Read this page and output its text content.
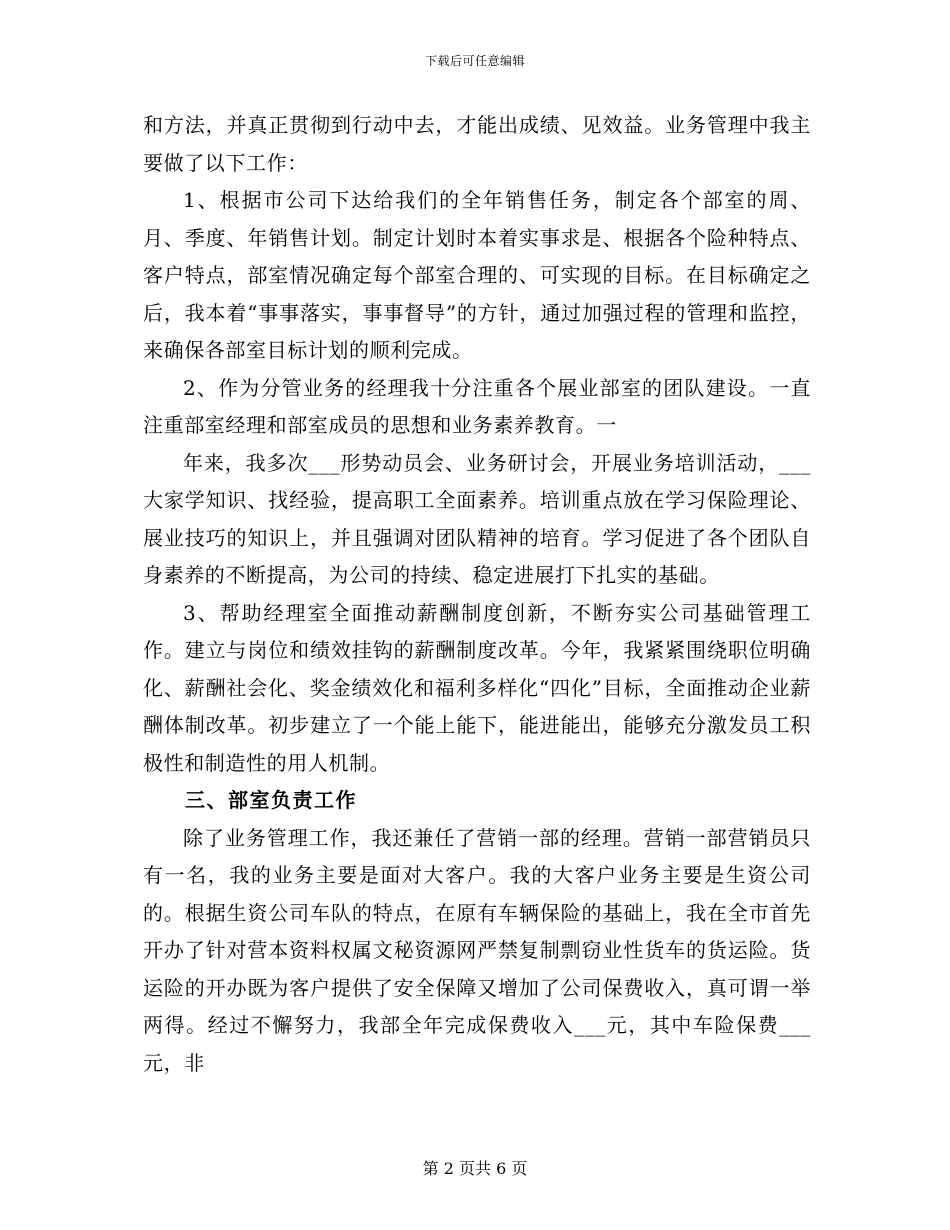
下载后可任意编辑

和方法，并真正贯彻到行动中去，才能出成绩、见效益。业务管理中我主要做了以下工作：

1、根据市公司下达给我们的全年销售任务，制定各个部室的周、月、季度、年销售计划。制定计划时本着实事求是、根据各个险种特点、客户特点，部室情况确定每个部室合理的、可实现的目标。在目标确定之后，我本着“事事落实，事事督导”的方针，通过加强过程的管理和监控，来确保各部室目标计划的顺利完成。

2、作为分管业务的经理我十分注重各个展业部室的团队建设。一直注重部室经理和部室成员的思想和业务素养教育。一

年来，我多次___形势动员会、业务研讨会，开展业务培训活动，___大家学知识、找经验，提高职工全面素养。培训重点放在学习保险理论、展业技巧的知识上，并且强调对团队精神的培育。学习促进了各个团队自身素养的不断提高，为公司的持续、稳定进展打下扎实的基础。

3、帮助经理室全面推动薪酬制度创新，不断夯实公司基础管理工作。建立与岗位和绩效挂钩的薪酬制度改革。今年，我紧紧围绕职位明确化、薪酬社会化、奖金绩效化和福利多样化“四化”目标，全面推动企业薪酬体制改革。初步建立了一个能上能下，能进能出，能够充分激发员工积极性和制造性的用人机制。

三、部室负责工作

除了业务管理工作，我还兼任了营销一部的经理。营销一部营销员只有一名，我的业务主要是面对大客户。我的大客户业务主要是生资公司的。根据生资公司车队的特点，在原有车辆保险的基础上，我在全市首先开办了针对营本资料权属文秘资源网严禁复制剽窃业性货车的货运险。货运险的开办既为客户提供了安全保障又增加了公司保费收入，真可谓一举两得。经过不懈努力，我部全年完成保费收入___元，其中车险保费___元，非

第 2 页共 6 页
